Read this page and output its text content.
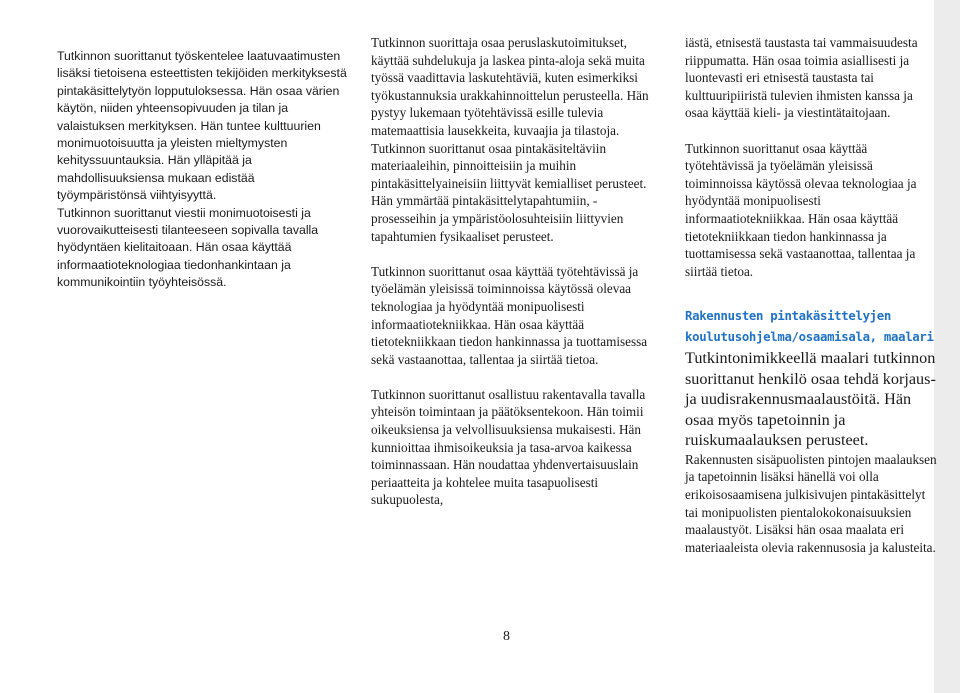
Tutkinnon suorittanut työskentelee laatuvaatimusten lisäksi tietoisena esteettisten tekijöiden merkityksestä pintakäsittelytyön lopputuloksessa. Hän osaa värien käytön, niiden yhteensopivuuden ja tilan ja valaistuksen merkityksen. Hän tuntee kulttuurien monimuotoisuutta ja yleisten mieltymysten kehityssuuntauksia. Hän ylläpitää ja mahdollisuuksiensa mukaan edistää työympäristönsä viihtyisyyttä.

Tutkinnon suorittanut viestii monimuotoisesti ja vuorovaikutteisesti tilanteeseen sopivalla tavalla hyödyntäen kielitaitoaan. Hän osaa käyttää informaatioteknologiaa tiedonhankintaan ja kommunikointiin työyhteisössä.

Tutkinnon suorittaja osaa peruslaskutoimitukset, käyttää suhdelukuja ja laskea pinta-aloja sekä muita työssä vaadittavia laskutehtäviä, kuten esimerkiksi työkustannuksia urakkahinnoittelun perusteella. Hän pystyy lukemaan työtehtävissä esille tulevia matemaattisia lausekkeita, kuvaajia ja tilastoja.

Tutkinnon suorittanut osaa pintakäsiteltäviin materiaaleihin, pinnoitteisiin ja muihin pintakäsittelyaineisiin liittyvät kemialliset perusteet. Hän ymmärtää pintakäsittelytapahtumiin, -prosesseihin ja ympäristöolosuhteisiin liittyvien tapahtumien fysikaaliset perusteet.

Tutkinnon suorittanut osaa käyttää työtehtävissä ja työelämän yleisissä toiminnoissa käytössä olevaa teknologiaa ja hyödyntää monipuolisesti informaatiotekniikkaa. Hän osaa käyttää tietotekniikkaan tiedon hankinnassa ja tuottamisessa sekä vastaanottaa, tallentaa ja siirtää tietoa.

Tutkinnon suorittanut osallistuu rakentavalla tavalla yhteisön toimintaan ja päätöksentekoon. Hän toimii oikeuksiensa ja velvollisuuksiensa mukaisesti. Hän kunnioittaa ihmisoikeuksia ja tasa-arvoa kaikessa toiminnassaan. Hän noudattaa yhdenvertaisuuslain periaatteita ja kohtelee muita tasapuolisesti sukupuolesta,

iästä, etnisestä taustasta tai vammaisuudesta riippumatta. Hän osaa toimia asiallisesti ja luontevasti eri etnisestä taustasta tai kulttuuripiiristä tulevien ihmisten kanssa ja osaa käyttää kieli- ja viestintätaitojaan.

Tutkinnon suorittanut osaa käyttää työtehtävissä ja työelämän yleisissä toiminnoissa käytössä olevaa teknologiaa ja hyödyntää monipuolisesti informaatiotekniikkaa. Hän osaa käyttää tietotekniikkaan tiedon hankinnassa ja tuottamisessa sekä vastaanottaa, tallentaa ja siirtää tietoa.

Rakennusten pintakäsittelyjen
koulutusohjelma/osaamisala, maalari

Tutkintonimikkeellä maalari tutkinnon suorittanut henkilö osaa tehdä korjaus- ja uudisrakennusmaalaustöitä. Hän osaa myös tapetoinnin ja ruiskumaalauksen perusteet.

Rakennusten sisäpuolisten pintojen maalauksen ja tapetoinnin lisäksi hänellä voi olla erikoisosaamisena julkisivujen pintakäsittelyt tai monipuolisten pientalokokonaisuuksien maalaustyöt. Lisäksi hän osaa maalata eri materiaaleista olevia rakennusosia ja kalusteita.

8
